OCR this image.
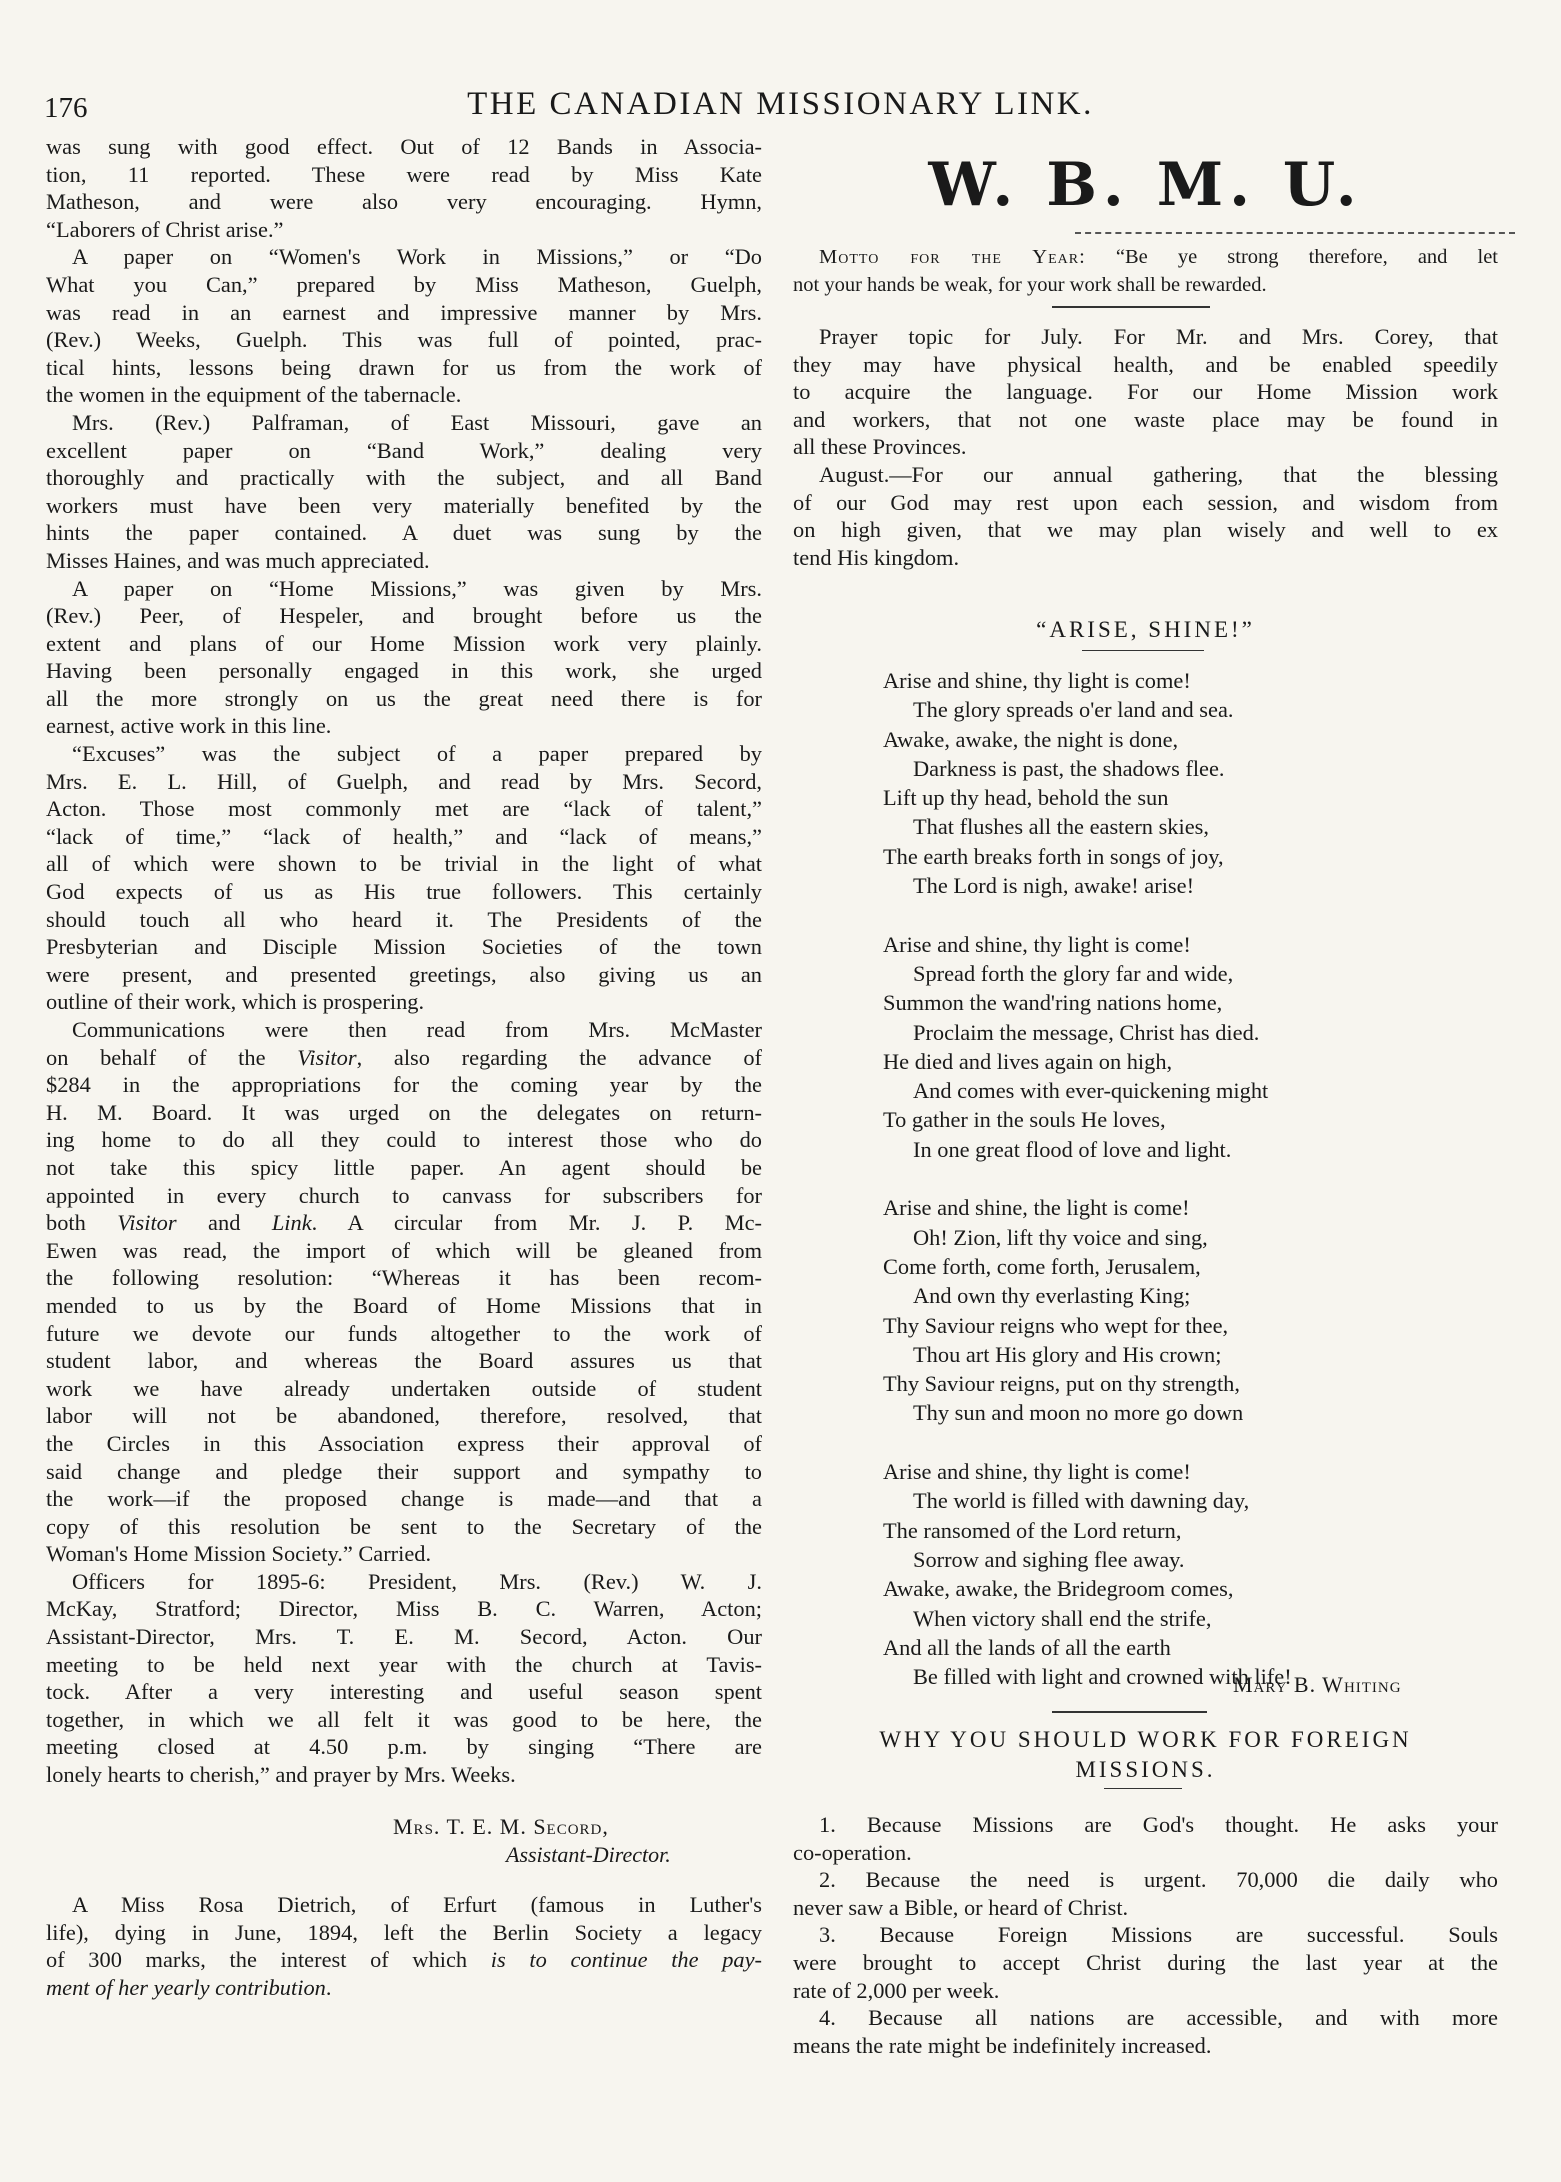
176	THE CANADIAN MISSIONARY LINK.
was sung with good effect. Out of 12 Bands in Associa-
tion, 11 reported. These were read by Miss Kate
Matheson, and were also very encouraging. Hymn,
“Laborers of Christ arise.”
A paper on “Women's Work in Missions,” or “Do
What you Can,” prepared by Miss Matheson, Guelph,
was read in an earnest and impressive manner by Mrs.
(Rev.) Weeks, Guelph. This was full of pointed, prac-
tical hints, lessons being drawn for us from the work of
the women in the equipment of the tabernacle.
Mrs. (Rev.) Palframan, of East Missouri, gave an
excellent paper on “Band Work,” dealing very
thoroughly and practically with the subject, and all Band
workers must have been very materially benefited by the
hints the paper contained. A duet was sung by the
Misses Haines, and was much appreciated.
A paper on “Home Missions,” was given by Mrs.
(Rev.) Peer, of Hespeler, and brought before us the
extent and plans of our Home Mission work very plainly.
Having been personally engaged in this work, she urged
all the more strongly on us the great need there is for
earnest, active work in this line.
“Excuses” was the subject of a paper prepared by
Mrs. E. L. Hill, of Guelph, and read by Mrs. Secord,
Acton. Those most commonly met are “lack of talent,”
“lack of time,” “lack of health,” and “lack of means,”
all of which were shown to be trivial in the light of what
God expects of us as His true followers. This certainly
should touch all who heard it. The Presidents of the
Presbyterian and Disciple Mission Societies of the town
were present, and presented greetings, also giving us an
outline of their work, which is prospering.
Communications were then read from Mrs. McMaster
on behalf of the Visitor, also regarding the advance of
$284 in the appropriations for the coming year by the
H. M. Board. It was urged on the delegates on return-
ing home to do all they could to interest those who do
not take this spicy little paper. An agent should be
appointed in every church to canvass for subscribers for
both Visitor and Link. A circular from Mr. J. P. Mc-
Ewen was read, the import of which will be gleaned from
the following resolution: “Whereas it has been recom-
mended to us by the Board of Home Missions that in
future we devote our funds altogether to the work of
student labor, and whereas the Board assures us that
work we have already undertaken outside of student
labor will not be abandoned, therefore, resolved, that
the Circles in this Association express their approval of
said change and pledge their support and sympathy to
the work—if the proposed change is made—and that a
copy of this resolution be sent to the Secretary of the
Woman's Home Mission Society.” Carried.
Officers for 1895-6: President, Mrs. (Rev.) W. J.
McKay, Stratford; Director, Miss B. C. Warren, Acton;
Assistant-Director, Mrs. T. E. M. Secord, Acton. Our
meeting to be held next year with the church at Tavis-
tock. After a very interesting and useful season spent
together, in which we all felt it was good to be here, the
meeting closed at 4.50 p.m. by singing “There are
lonely hearts to cherish,” and prayer by Mrs. Weeks.
Mrs. T. E. M. Secord,
Assistant-Director.
A Miss Rosa Dietrich, of Erfurt (famous in Luther's
life), dying in June, 1894, left the Berlin Society a legacy
of 300 marks, the interest of which is to continue the pay-
ment of her yearly contribution.
W. B. M. U.
Motto for the Year: “Be ye strong therefore, and let
not your hands be weak, for your work shall be rewarded.
Prayer topic for July. For Mr. and Mrs. Corey, that
they may have physical health, and be enabled speedily
to acquire the language. For our Home Mission work
and workers, that not one waste place may be found in
all these Provinces.
August.—For our annual gathering, that the blessing
of our God may rest upon each session, and wisdom from
on high given, that we may plan wisely and well to ex
tend His kingdom.
“ARISE, SHINE!”
Arise and shine, thy light is come!
The glory spreads o'er land and sea.
Awake, awake, the night is done,
Darkness is past, the shadows flee.
Lift up thy head, behold the sun
That flushes all the eastern skies,
The earth breaks forth in songs of joy,
The Lord is nigh, awake! arise!
Arise and shine, thy light is come!
Spread forth the glory far and wide,
Summon the wand'ring nations home,
Proclaim the message, Christ has died.
He died and lives again on high,
And comes with ever-quickening might
To gather in the souls He loves,
In one great flood of love and light.
Arise and shine, the light is come!
Oh! Zion, lift thy voice and sing,
Come forth, come forth, Jerusalem,
And own thy everlasting King;
Thy Saviour reigns who wept for thee,
Thou art His glory and His crown;
Thy Saviour reigns, put on thy strength,
Thy sun and moon no more go down
Arise and shine, thy light is come!
The world is filled with dawning day,
The ransomed of the Lord return,
Sorrow and sighing flee away.
Awake, awake, the Bridegroom comes,
When victory shall end the strife,
And all the lands of all the earth
Be filled with light and crowned with life!
Mary B. Whiting
WHY YOU SHOULD WORK FOR FOREIGN
MISSIONS.
1. Because Missions are God's thought. He asks your
co-operation.
2. Because the need is urgent. 70,000 die daily who
never saw a Bible, or heard of Christ.
3. Because Foreign Missions are successful. Souls
were brought to accept Christ during the last year at the
rate of 2,000 per week.
4. Because all nations are accessible, and with more
means the rate might be indefinitely increased.
